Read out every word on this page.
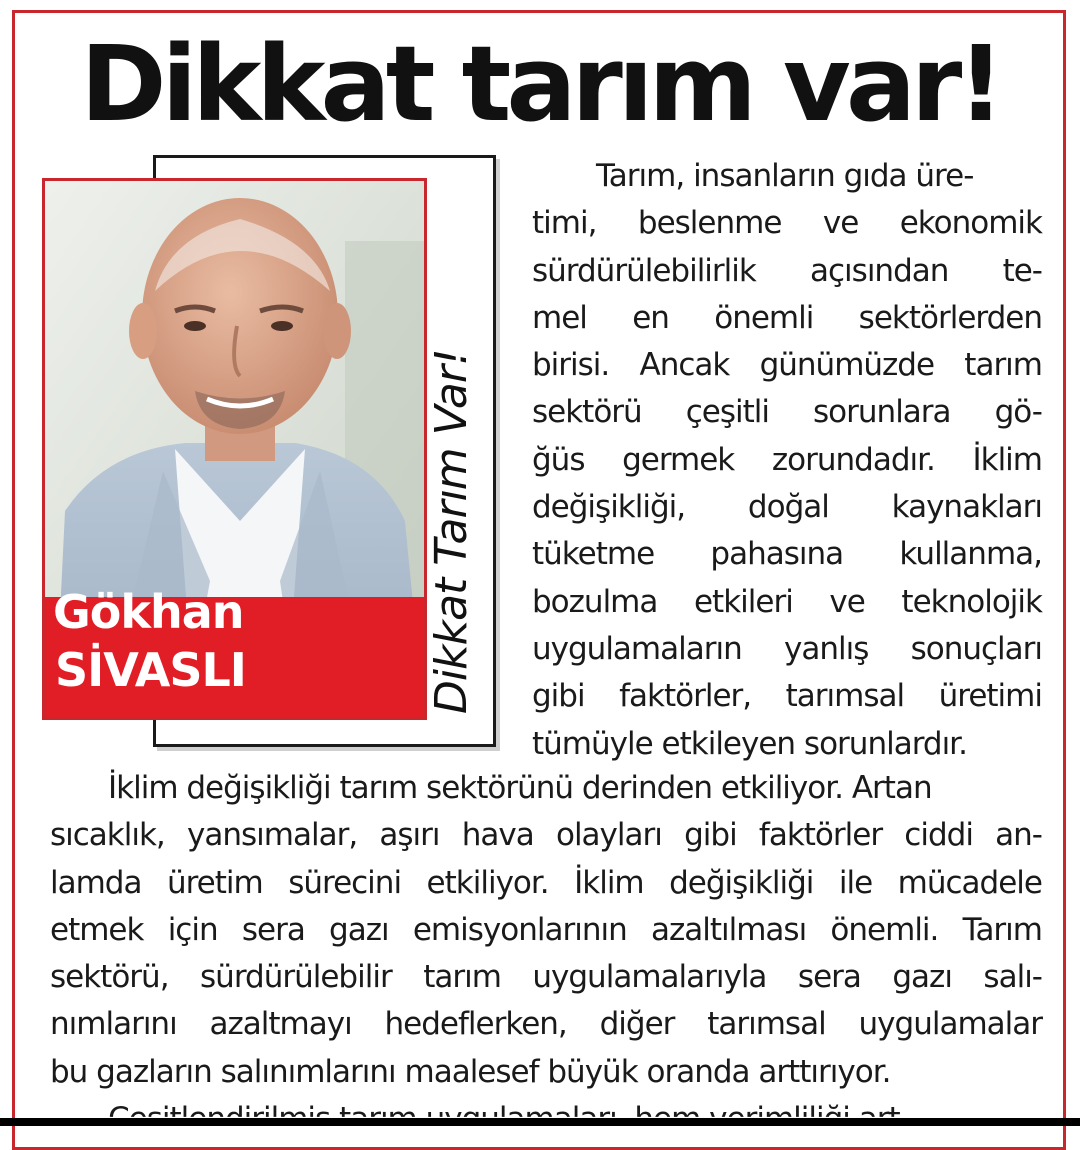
Dikkat tarım var!
Dikkat Tarım Var!
Gökhan
SİVASLI
Tarım, insanların gıda üre-
timi, beslenme ve ekonomik
sürdürülebilirlik açısından te-
mel en önemli sektörlerden
birisi. Ancak günümüzde tarım
sektörü çeşitli sorunlara gö-
ğüs germek zorundadır. İklim
değişikliği, doğal kaynakları
tüketme pahasına kullanma,
bozulma etkileri ve teknolojik
uygulamaların yanlış sonuçları
gibi faktörler, tarımsal üretimi
tümüyle etkileyen sorunlardır.
İklim değişikliği tarım sektörünü derinden etkiliyor. Artan
sıcaklık, yansımalar, aşırı hava olayları gibi faktörler ciddi an-
lamda üretim sürecini etkiliyor. İklim değişikliği ile mücadele
etmek için sera gazı emisyonlarının azaltılması önemli. Tarım
sektörü, sürdürülebilir tarım uygulamalarıyla sera gazı salı-
nımlarını azaltmayı hedeflerken, diğer tarımsal uygulamalar
bu gazların salınımlarını maalesef büyük oranda arttırıyor.
